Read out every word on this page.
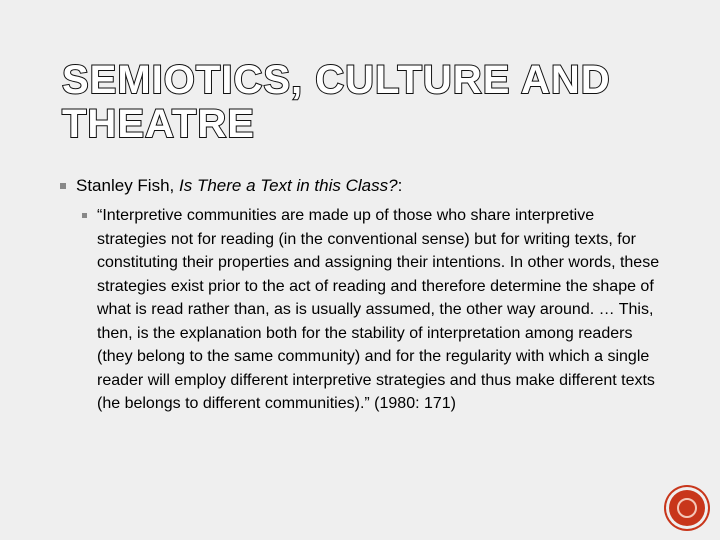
SEMIOTICS, CULTURE AND THEATRE
Stanley Fish, Is There a Text in this Class?:
“Interpretive communities are made up of those who share interpretive strategies not for reading (in the conventional sense) but for writing texts, for constituting their properties and assigning their intentions. In other words, these strategies exist prior to the act of reading and therefore determine the shape of what is read rather than, as is usually assumed, the other way around. … This, then, is the explanation both for the stability of interpretation among readers (they belong to the same community) and for the regularity with which a single reader will employ different interpretive strategies and thus make different texts (he belongs to different communities).” (1980: 171)
